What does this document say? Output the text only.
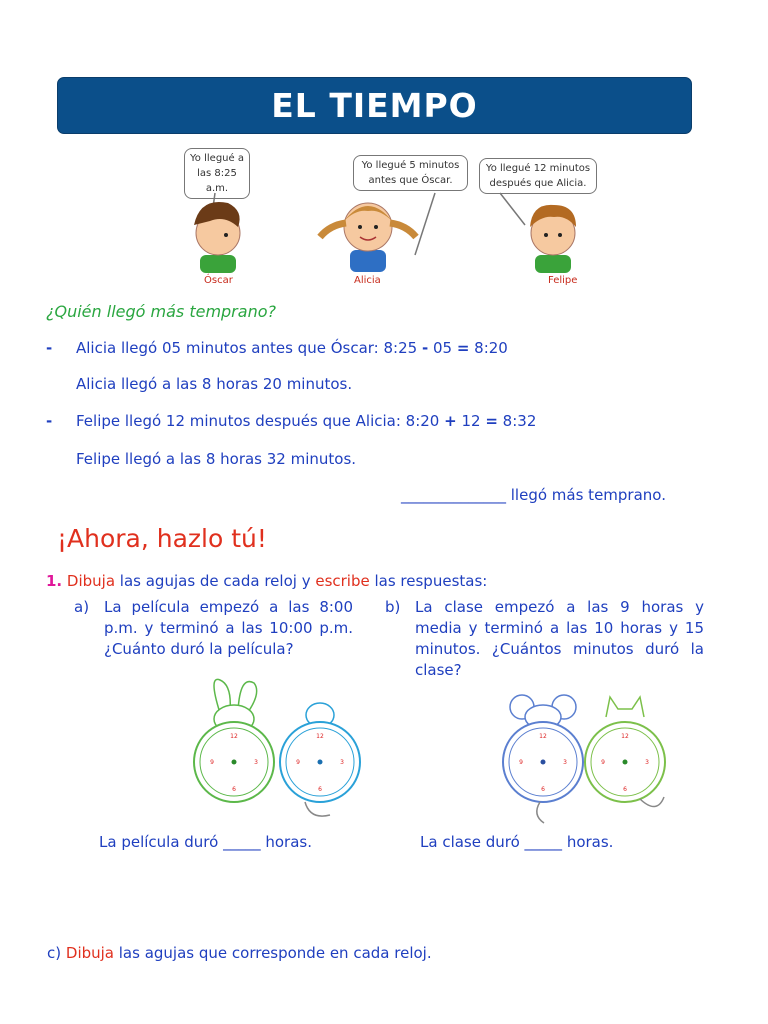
EL TIEMPO
Yo llegué a las 8:25 a.m.
Yo llegué 5 minutos antes que Óscar.
Yo llegué 12 minutos después que Alicia.
Óscar	Alicia	Felipe
¿Quién llegó más temprano?
- Alicia llegó 05 minutos antes que Óscar: 8:25 - 05 = 8:20
Alicia llegó a las 8 horas 20 minutos.
- Felipe llegó 12 minutos después que Alicia: 8:20 + 12 = 8:32
Felipe llegó a las 8 horas 32 minutos.
______________ llegó más temprano.
¡Ahora, hazlo tú!
1. Dibuja las agujas de cada reloj y escribe las respuestas:
a) La película empezó a las 8:00 p.m. y terminó a las 10:00 p.m. ¿Cuánto duró la película?
b) La clase empezó a las 9 horas y media y terminó a las 10 horas y 15 minutos. ¿Cuántos minutos duró la clase?
12
3
6
9
12
3
6
9
12
3
6
9
12
3
6
9
La película duró _____ horas.	La clase duró _____ horas.
c) Dibuja las agujas que corresponde en cada reloj.
